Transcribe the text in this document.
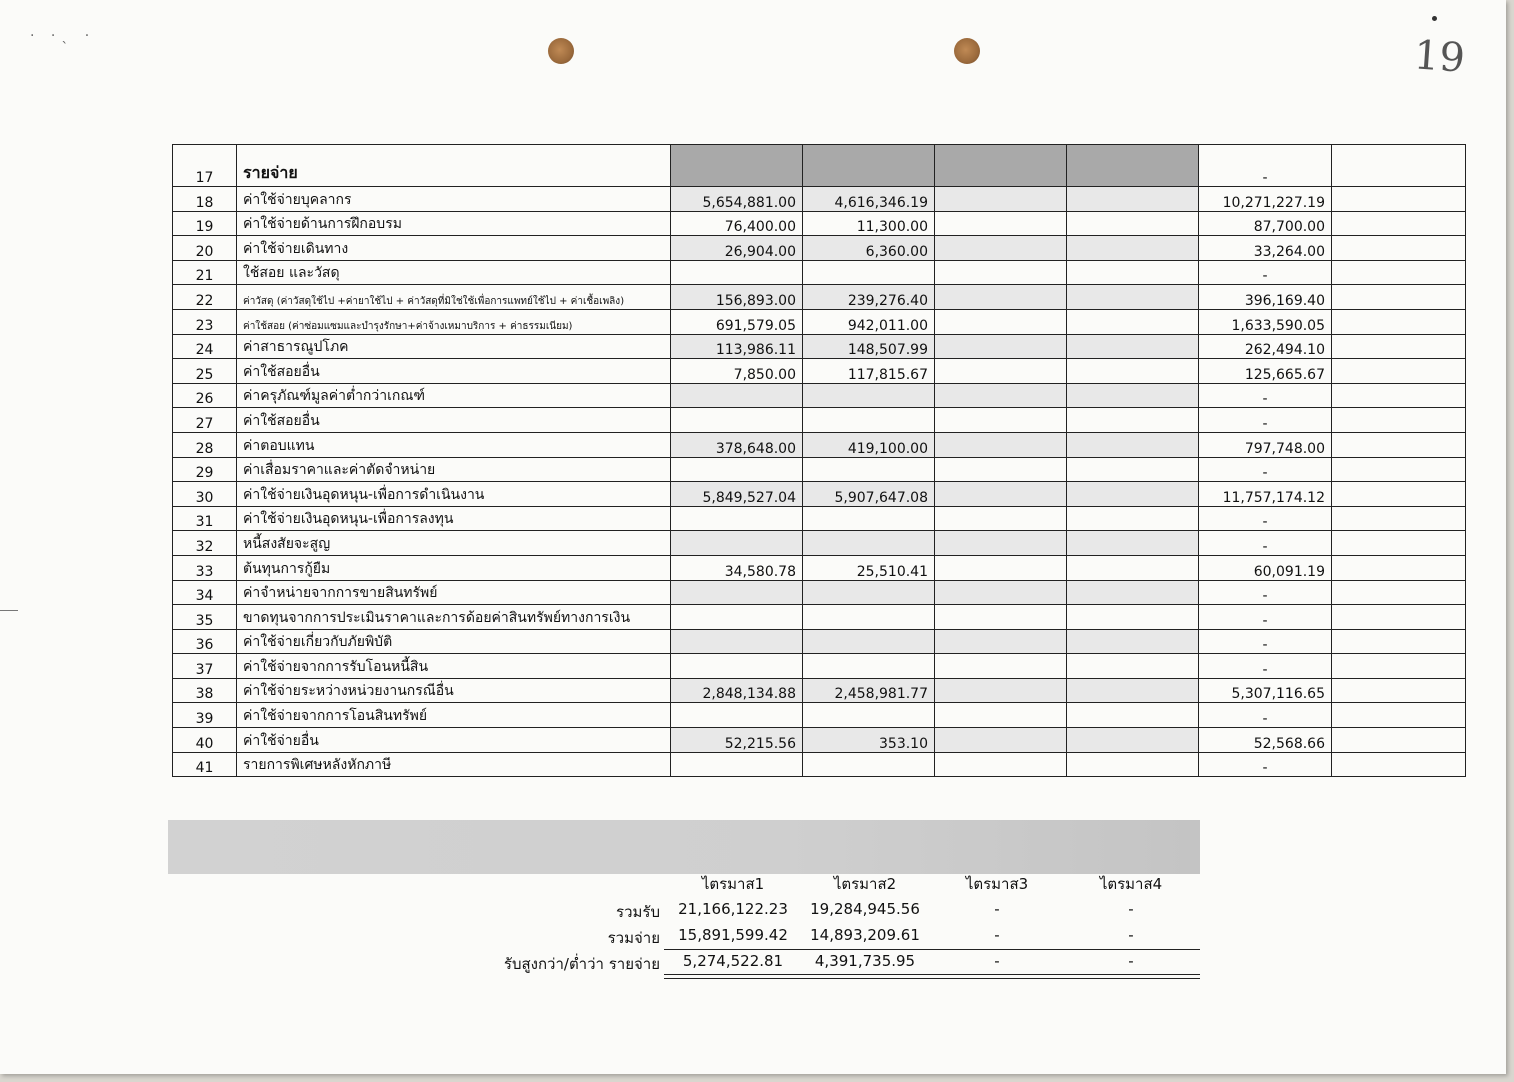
· ·ˎ ·	19
17	รายจ่าย					-	
18	ค่าใช้จ่ายบุคลากร	5,654,881.00	4,616,346.19			10,271,227.19	
19	ค่าใช้จ่ายด้านการฝึกอบรม	76,400.00	11,300.00			87,700.00	
20	ค่าใช้จ่ายเดินทาง	26,904.00	6,360.00			33,264.00	
21	ใช้สอย และวัสดุ					-	
22	ค่าวัสดุ (ค่าวัสดุใช้ไป +ค่ายาใช้ไป + ค่าวัสดุที่มิใช่ใช้เพื่อการแพทย์ใช้ไป + ค่าเชื้อเพลิง)	156,893.00	239,276.40			396,169.40	
23	ค่าใช้สอย (ค่าซ่อมแซมและบำรุงรักษา+ค่าจ้างเหมาบริการ + ค่าธรรมเนียม)	691,579.05	942,011.00			1,633,590.05	
24	ค่าสาธารณูปโภค	113,986.11	148,507.99			262,494.10	
25	ค่าใช้สอยอื่น	7,850.00	117,815.67			125,665.67	
26	ค่าครุภัณฑ์มูลค่าต่ำกว่าเกณฑ์					-	
27	ค่าใช้สอยอื่น					-	
28	ค่าตอบแทน	378,648.00	419,100.00			797,748.00	
29	ค่าเสื่อมราคาและค่าตัดจำหน่าย					-	
30	ค่าใช้จ่ายเงินอุดหนุน-เพื่อการดำเนินงาน	5,849,527.04	5,907,647.08			11,757,174.12	
31	ค่าใช้จ่ายเงินอุดหนุน-เพื่อการลงทุน					-	
32	หนี้สงสัยจะสูญ					-	
33	ต้นทุนการกู้ยืม	34,580.78	25,510.41			60,091.19	
34	ค่าจำหน่ายจากการขายสินทรัพย์					-	
35	ขาดทุนจากการประเมินราคาและการด้อยค่าสินทรัพย์ทางการเงิน					-	
36	ค่าใช้จ่ายเกี่ยวกับภัยพิบัติ					-	
37	ค่าใช้จ่ายจากการรับโอนหนี้สิน					-	
38	ค่าใช้จ่ายระหว่างหน่วยงานกรณีอื่น	2,848,134.88	2,458,981.77			5,307,116.65	
39	ค่าใช้จ่ายจากการโอนสินทรัพย์					-	
40	ค่าใช้จ่ายอื่น	52,215.56	353.10			52,568.66	
41	รายการพิเศษหลังหักภาษี					-	
ไตรมาส1	ไตรมาส2	ไตรมาส3	ไตรมาส4
รวมรับ	21,166,122.23	19,284,945.56	-	-
รวมจ่าย	15,891,599.42	14,893,209.61	-	-
รับสูงกว่า/ต่ำว่า รายจ่าย	5,274,522.81	4,391,735.95	-	-
